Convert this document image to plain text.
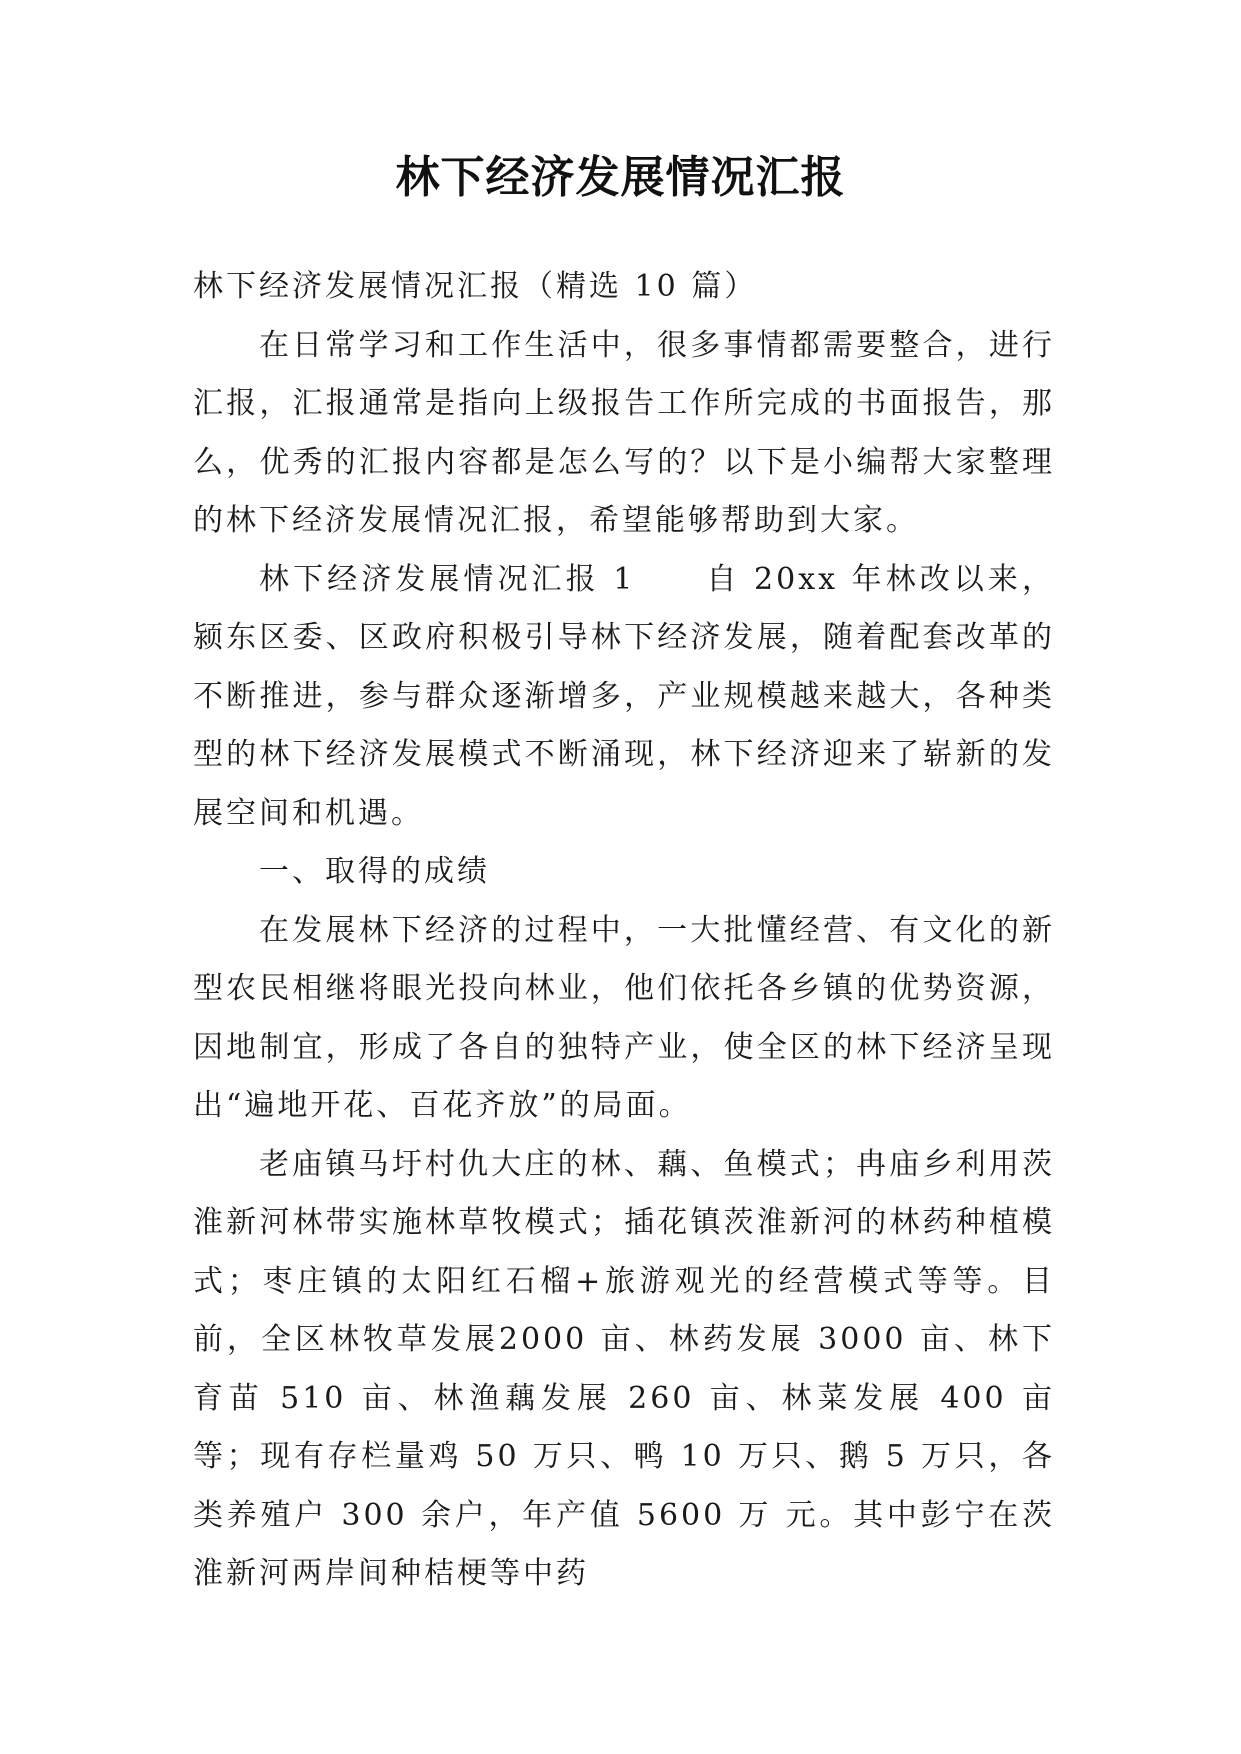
林下经济发展情况汇报

林下经济发展情况汇报（精选 10 篇）

在日常学习和工作生活中，很多事情都需要整合，进行汇报，汇报通常是指向上级报告工作所完成的书面报告，那么，优秀的汇报内容都是怎么写的？以下是小编帮大家整理的林下经济发展情况汇报，希望能够帮助到大家。

林下经济发展情况汇报 1 自 20xx 年林改以来，颍东区委、区政府积极引导林下经济发展，随着配套改革的不断推进，参与群众逐渐增多，产业规模越来越大，各种类型的林下经济发展模式不断涌现，林下经济迎来了崭新的发展空间和机遇。

一、取得的成绩

在发展林下经济的过程中，一大批懂经营、有文化的新型农民相继将眼光投向林业，他们依托各乡镇的优势资源，因地制宜，形成了各自的独特产业，使全区的林下经济呈现出“遍地开花、百花齐放”的局面。

老庙镇马圩村仇大庄的林、藕、鱼模式；冉庙乡利用茨淮新河林带实施林草牧模式；插花镇茨淮新河的林药种植模式；枣庄镇的太阳红石榴+旅游观光的经营模式等等。目前，全区林牧草发展2000 亩、林药发展 3000 亩、林下育苗 510 亩、林渔藕发展 260 亩、林菜发展 400 亩等；现有存栏量鸡 50 万只、鸭 10 万只、鹅 5 万只，各类养殖户 300 余户，年产值 5600 万 元。其中彭宁在茨淮新河两岸间种桔梗等中药
